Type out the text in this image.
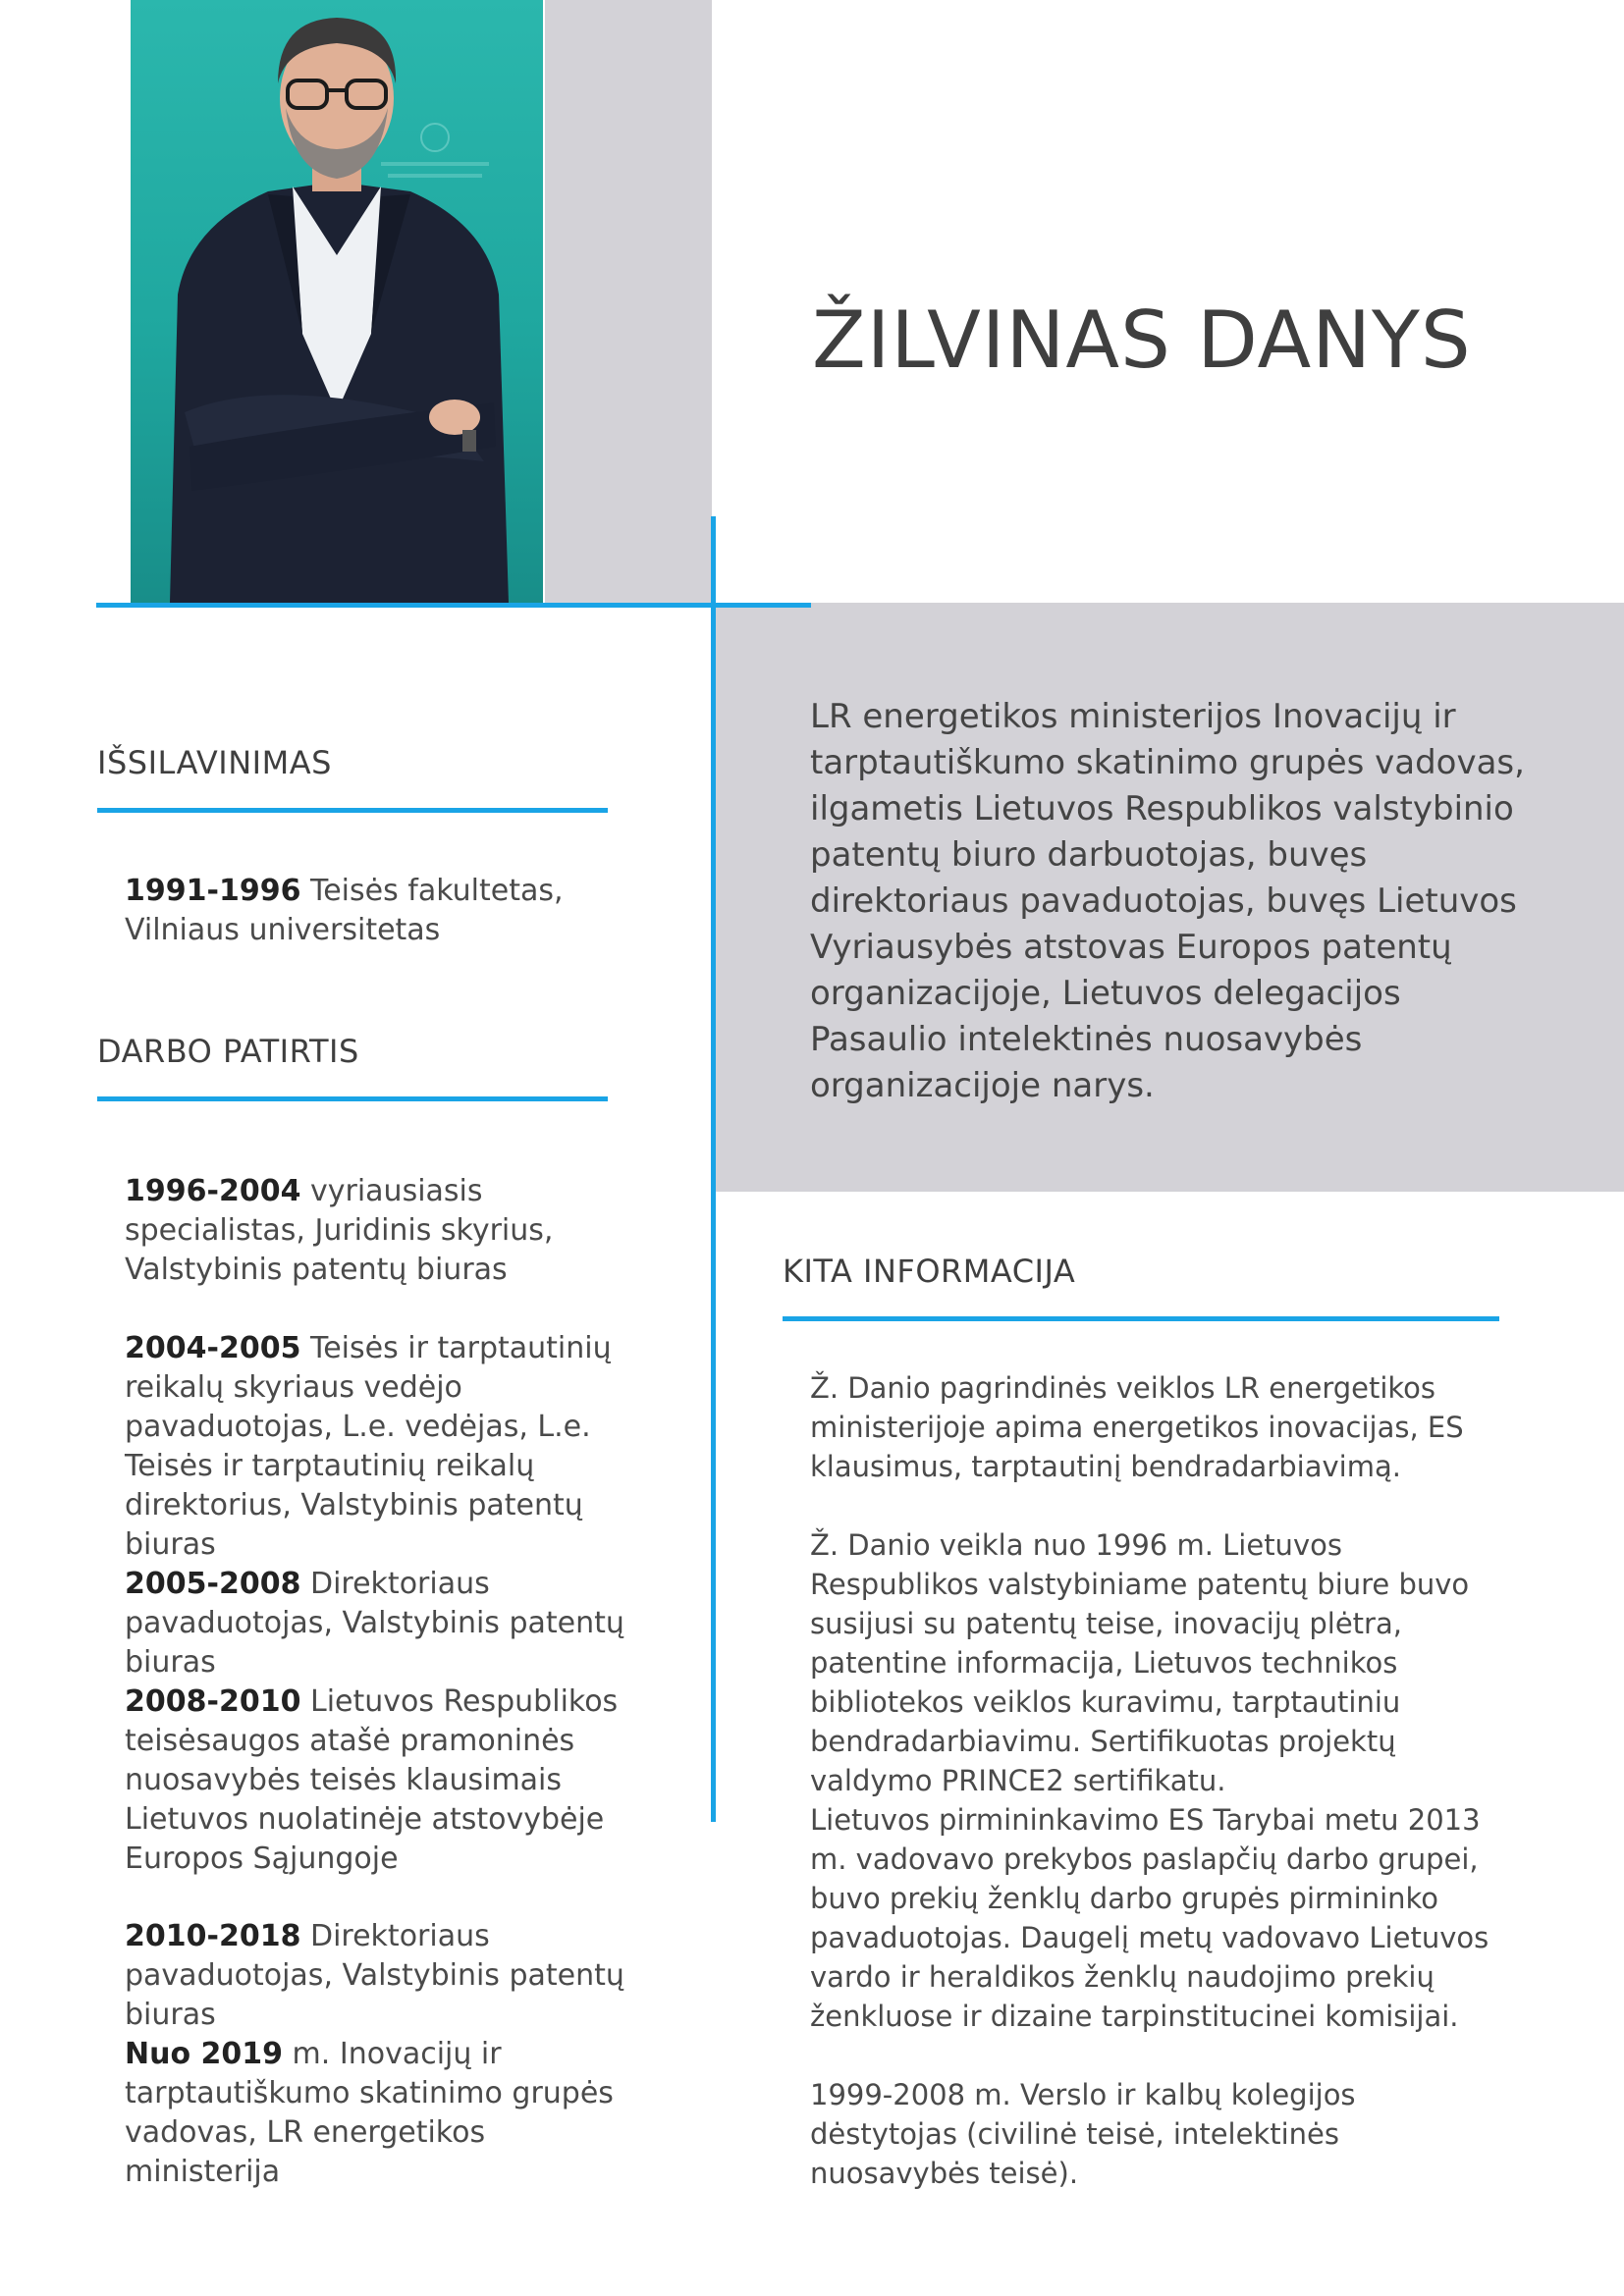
ŽILVINAS DANYS
LR energetikos ministerijos Inovacijų ir tarptautiškumo skatinimo grupės vadovas, ilgametis Lietuvos Respublikos valstybinio patentų biuro darbuotojas, buvęs direktoriaus pavaduotojas, buvęs Lietuvos Vyriausybės atstovas Europos patentų organizacijoje, Lietuvos delegacijos Pasaulio intelektinės nuosavybės organizacijoje narys.
IŠSILAVINIMAS
1991-1996 Teisės fakultetas, Vilniaus universitetas
DARBO PATIRTIS
1996-2004 vyriausiasis specialistas, Juridinis skyrius, Valstybinis patentų biuras
2004-2005 Teisės ir tarptautinių reikalų skyriaus vedėjo pavaduotojas, L.e. vedėjas, L.e. Teisės ir tarptautinių reikalų direktorius, Valstybinis patentų biuras
2005-2008 Direktoriaus pavaduotojas, Valstybinis patentų biuras
2008-2010 Lietuvos Respublikos teisėsaugos atašė pramoninės nuosavybės teisės klausimais Lietuvos nuolatinėje atstovybėje Europos Sąjungoje
2010-2018 Direktoriaus pavaduotojas, Valstybinis patentų biuras
Nuo 2019 m. Inovacijų ir tarptautiškumo skatinimo grupės vadovas, LR energetikos ministerija
KITA INFORMACIJA
Ž. Danio pagrindinės veiklos LR energetikos ministerijoje apima energetikos inovacijas, ES klausimus, tarptautinį bendradarbiavimą.
Ž. Danio veikla nuo 1996 m. Lietuvos Respublikos valstybiniame patentų biure buvo susijusi su patentų teise, inovacijų plėtra, patentine informacija, Lietuvos technikos bibliotekos veiklos kuravimu, tarptautiniu bendradarbiavimu. Sertifikuotas projektų valdymo PRINCE2 sertifikatu.
Lietuvos pirmininkavimo ES Tarybai metu 2013 m. vadovavo prekybos paslapčių darbo grupei, buvo prekių ženklų darbo grupės pirmininko pavaduotojas. Daugelį metų vadovavo Lietuvos vardo ir heraldikos ženklų naudojimo prekių ženkluose ir dizaine tarpinstitucinei komisijai.
1999-2008 m. Verslo ir kalbų kolegijos dėstytojas (civilinė teisė, intelektinės nuosavybės teisė).
